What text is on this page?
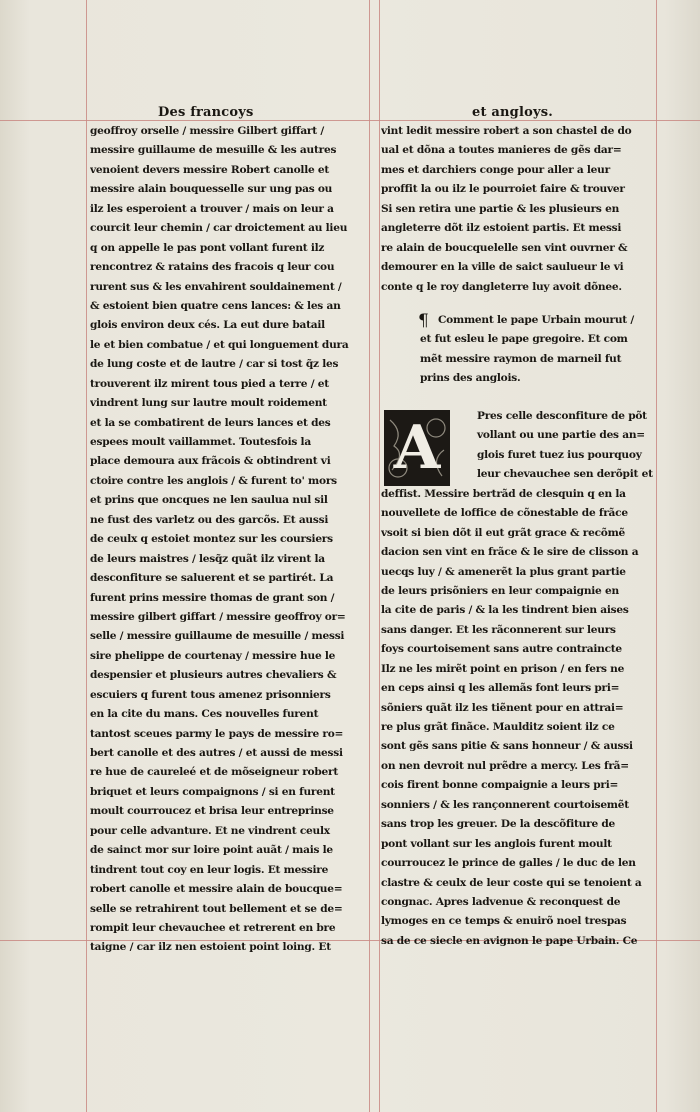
Des francoys	et angloys.
geoffroy orselle / messire Gilbert giffart /
messire guillaume de mesuille & les autres
venoient devers messire Robert canolle et
messire alain bouquesselle sur ung pas ou
ilz les esperoient a trouver / mais on leur a
courcit leur chemin / car droictement au lieu
q on appelle le pas pont vollant furent ilz
rencontrez & ratains des fracois q leur cou
rurent sus & les envahirent souldainement /
& estoient bien quatre cens lances: & les an
glois environ deux cés. La eut dure batail
le et bien combatue / et qui longuement dura
de lung coste et de lautre / car si tost q̃z les
trouverent ilz mirent tous pied a terre / et
vindrent lung sur lautre moult roidement
et la se combatirent de leurs lances et des
espees moult vaillammet. Toutesfois la
place demoura aux frãcois & obtindrent vi
ctoire contre les anglois / & furent to' mors
et prins que oncques ne len saulua nul sil
ne fust des varletz ou des garcõs. Et aussi
de ceulx q estoiet montez sur les coursiers
de leurs maistres / lesq̃z quãt ilz virent la
desconfiture se saluerent et se partirét. La
furent prins messire thomas de grant son /
messire gilbert giffart / messire geoffroy or=
selle / messire guillaume de mesuille / messi
sire phelippe de courtenay / messire hue le
despensier et plusieurs autres chevaliers &
escuiers q furent tous amenez prisonniers
en la cite du mans. Ces nouvelles furent
tantost sceues parmy le pays de messire ro=
bert canolle et des autres / et aussi de messi
re hue de caureleé et de mõseigneur robert
briquet et leurs compaignons / si en furent
moult courroucez et brisa leur entreprinse
pour celle advanture. Et ne vindrent ceulx
de sainct mor sur loire point auãt / mais le
tindrent tout coy en leur logis. Et messire
robert canolle et messire alain de boucque=
selle se retrahirent tout bellement et se de=
rompit leur chevauchee et retrerent en bre
taigne / car ilz nen estoient point loing. Et
vint ledit messire robert a son chastel de do
ual et dõna a toutes manieres de gẽs dar=
mes et darchiers conge pour aller a leur
proffit la ou ilz le pourroiet faire & trouver
Si sen retira une partie & les plusieurs en
angleterre dõt ilz estoient partis. Et messi
re alain de boucquelelle sen vint ouvrner &
demourer en la ville de saict saulueur le vi
conte q le roy dangleterre luy avoit dõnee.
¶ Comment le pape Urbain mourut /
et fut esleu le pape gregoire. Et com
mẽt messire raymon de marneil fut
prins des anglois.
A	Pres celle desconfiture de põt
vollant ou une partie des an=
glois furet tuez ius pourquoy
leur chevauchee sen derõpit et
deffist. Messire bertrãd de clesquin q en la
nouvellete de loffice de cõnestable de frãce
vsoit si bien dõt il eut grãt grace & recõmẽ
dacion sen vint en frãce & le sire de clisson a
uecqs luy / & amenerẽt la plus grant partie
de leurs prisõniers en leur compaignie en
la cite de paris / & la les tindrent bien aises
sans danger. Et les rãconnerent sur leurs
foys courtoisement sans autre contraincte
Ilz ne les mirẽt point en prison / en fers ne
en ceps ainsi q les allemãs font leurs pri=
sõniers quãt ilz les tiẽnent pour en attrai=
re plus grãt finãce. Maulditz soient ilz ce
sont gẽs sans pitie & sans honneur / & aussi
on nen devroit nul prẽdre a mercy. Les frã=
cois firent bonne compaignie a leurs pri=
sonniers / & les rançonnerent courtoisemẽt
sans trop les greuer. De la descõfiture de
pont vollant sur les anglois furent moult
courroucez le prince de galles / le duc de len
clastre & ceulx de leur coste qui se tenoient a
congnac. Apres ladvenue & reconquest de
lymoges en ce temps & enuirõ noel trespas
sa de ce siecle en avignon le pape Urbain. Ce
